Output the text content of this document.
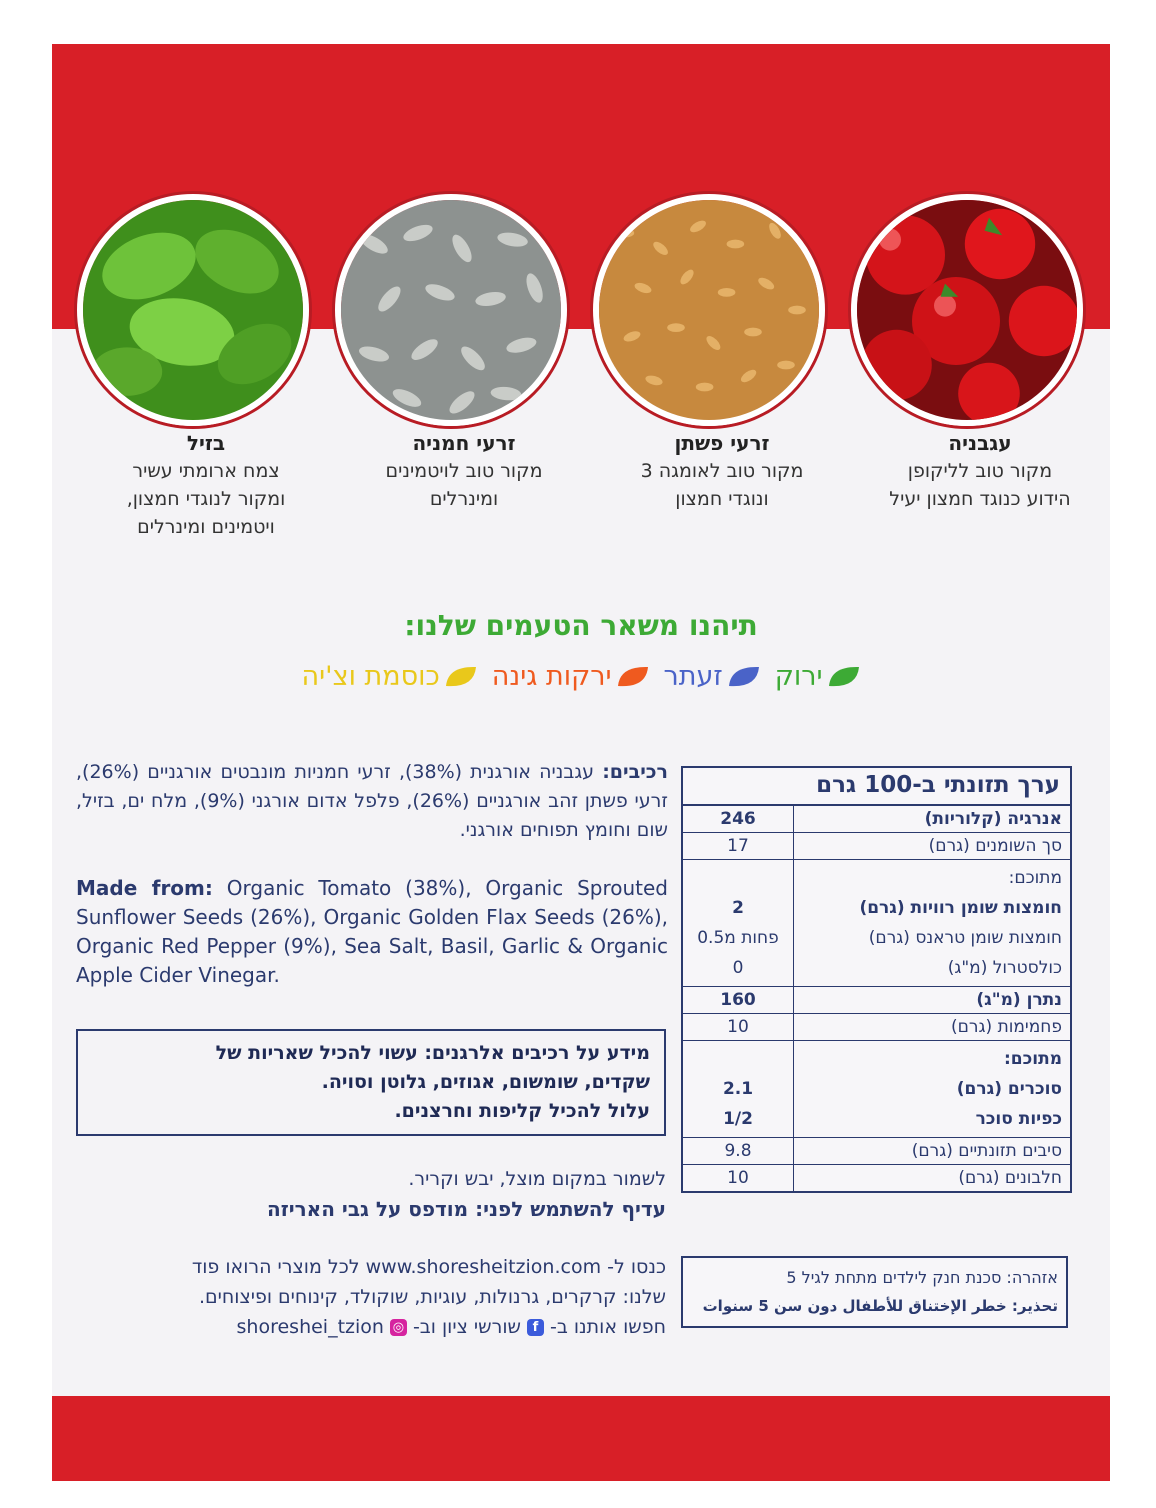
עגבניה
מקור טוב לליקופן
הידוע כנוגד חמצון יעיל
זרעי פשתן
מקור טוב לאומגה 3
ונוגדי חמצון
זרעי חמניה
מקור טוב לויטמינים
ומינרלים
בזיל
צמח ארומתי עשיר
ומקור לנוגדי חמצון,
ויטמינים ומינרלים
תיהנו משאר הטעמים שלנו:
ירוק
זעתר
ירקות גינה
כוסמת וצ'יה
רכיבים: עגבניה אורגנית (38%), זרעי חמניות מונבטים אורגניים (26%), זרעי פשתן זהב אורגניים (26%), פלפל אדום אורגני (9%), מלח ים, בזיל, שום וחומץ תפוחים אורגני.
Made from: Organic Tomato (38%), Organic Sprouted Sunflower Seeds (26%), Organic Golden Flax Seeds (26%), Organic Red Pepper (9%), Sea Salt, Basil, Garlic & Organic Apple Cider Vinegar.
מידע על רכיבים אלרגנים: עשוי להכיל שאריות של
שקדים, שומשום, אגוזים, גלוטן וסויה.
עלול להכיל קליפות וחרצנים.
לשמור במקום מוצל, יבש וקריר.
עדיף להשתמש לפני: מודפס על גבי האריזה
כנסו ל- www.shoresheitzion.com לכל מוצרי הרואו פוד
שלנו: קרקרים, גרנולות, עוגיות, שוקולד, קינוחים ופיצוחים.
חפשו אותנו ב-
f
שורשי ציון וב-
◎
shoreshei_tzion
ערך תזונתי ב-100 גרם
אנרגיה (קלוריות)
246
סך השומנים (גרם)
17
מתוכם:
חומצות שומן רוויות (גרם)
חומצות שומן טראנס (גרם)
כולסטרול (מ"ג)

2
פחות מ0.5
0
נתרן (מ"ג)
160
פחמימות (גרם)
10
מתוכם:
סוכרים (גרם)
כפיות סוכר

2.1
1/2
סיבים תזונתיים (גרם)
9.8
חלבונים (גרם)
10
אזהרה: סכנת חנק לילדים מתחת לגיל 5
تحذير: خطر الإختناق للأطفال دون سن 5 سنوات
